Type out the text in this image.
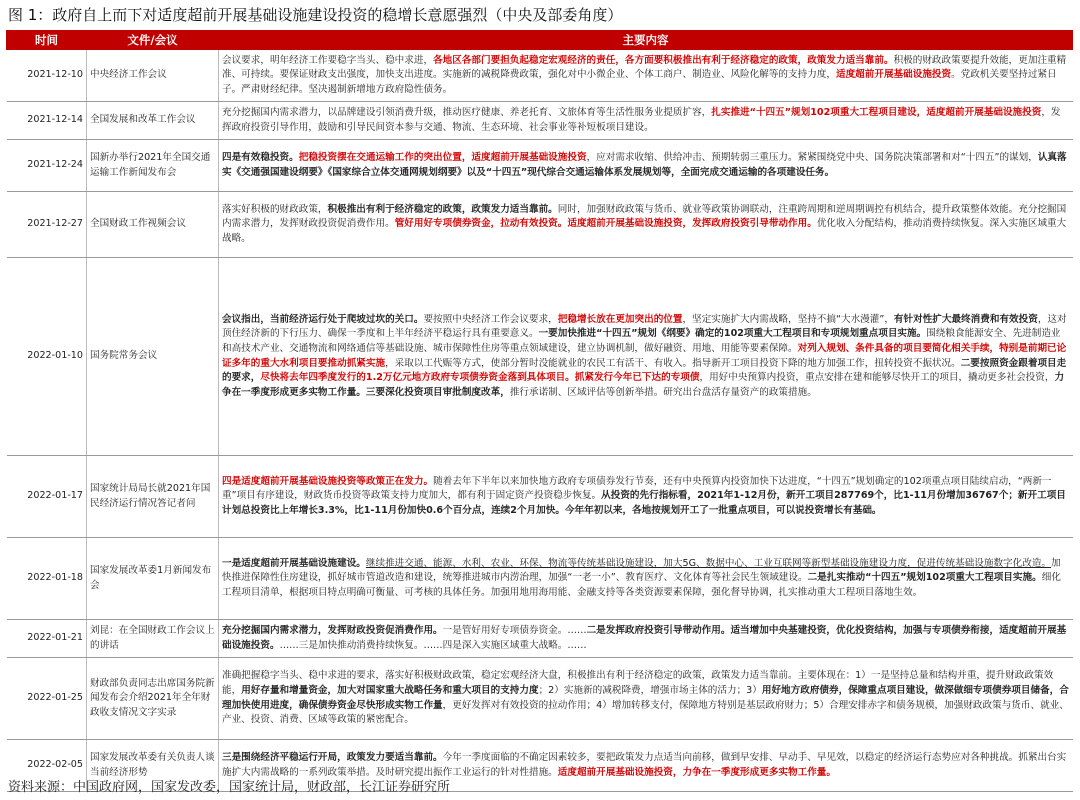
图 1：政府自上而下对适度超前开展基础设施建设投资的稳增长意愿强烈（中央及部委角度）
时间	文件/会议	主要内容
2021-12-10	中央经济工作会议	会议要求，明年经济工作要稳字当头、稳中求进，各地区各部门要担负起稳定宏观经济的责任，各方面要积极推出有利于经济稳定的政策，政策发力适当靠前。积极的财政政策要提升效能，更加注重精准、可持续。要保证财政支出强度，加快支出进度。实施新的减税降费政策，强化对中小微企业、个体工商户、制造业、风险化解等的支持力度，适度超前开展基础设施投资。党政机关要坚持过紧日子。严肃财经纪律。坚决遏制新增地方政府隐性债务。
2021-12-14	全国发展和改革工作会议	充分挖掘国内需求潜力，以品牌建设引领消费升级，推动医疗健康、养老托育、文旅体育等生活性服务业提质扩容，扎实推进“十四五”规划102项重大工程项目建设，适度超前开展基础设施投资，发挥政府投资引导作用，鼓励和引导民间资本参与交通、物流、生态环境、社会事业等补短板项目建设。
2021-12-24	国新办举行2021年全国交通运输工作新闻发布会	四是有效稳投资。把稳投资摆在交通运输工作的突出位置，适度超前开展基础设施投资，应对需求收缩、供给冲击、预期转弱三重压力。紧紧围绕党中央、国务院决策部署和对“十四五”的谋划，认真落实《交通强国建设纲要》《国家综合立体交通网规划纲要》以及“十四五”现代综合交通运输体系发展规划等，全面完成交通运输的各项建设任务。
2021-12-27	全国财政工作视频会议	落实好积极的财政政策，积极推出有利于经济稳定的政策，政策发力适当靠前。同时，加强财政政策与货币、就业等政策协调联动，注重跨周期和逆周期调控有机结合，提升政策整体效能。充分挖掘国内需求潜力，发挥财政投资促消费作用。管好用好专项债券资金，拉动有效投资。适度超前开展基础设施投资，发挥政府投资引导带动作用。优化收入分配结构，推动消费持续恢复。深入实施区域重大战略。
2022-01-10	国务院常务会议	会议指出，当前经济运行处于爬坡过坎的关口。要按照中央经济工作会议要求，把稳增长放在更加突出的位置，坚定实施扩大内需战略，坚持不搞“大水漫灌”，有针对性扩大最终消费和有效投资，这对顶住经济新的下行压力、确保一季度和上半年经济平稳运行具有重要意义。一要加快推进“十四五”规划《纲要》确定的102项重大工程项目和专项规划重点项目实施。围绕粮食能源安全、先进制造业和高技术产业、交通物流和网络通信等基础设施、城市保障性住房等重点领域建设，建立协调机制，做好融资、用地、用能等要素保障。对列入规划、条件具备的项目要简化相关手续，特别是前期已论证多年的重大水利项目要推动抓紧实施，采取以工代赈等方式，使部分暂时没能就业的农民工有活干、有收入。指导新开工项目投资下降的地方加强工作，扭转投资不振状况。二要按照资金跟着项目走的要求，尽快将去年四季度发行的1.2万亿元地方政府专项债券资金落到具体项目。抓紧发行今年已下达的专项债，用好中央预算内投资，重点安排在建和能够尽快开工的项目，撬动更多社会投资，力争在一季度形成更多实物工作量。三要深化投资项目审批制度改革，推行承诺制、区域评估等创新举措。研究出台盘活存量资产的政策措施。
2022-01-17	国家统计局局长就2021年国民经济运行情况答记者问	四是适度超前开展基础设施投资等政策正在发力。随着去年下半年以来加快地方政府专项债券发行节奏，还有中央预算内投资加快下达进度，“十四五”规划确定的102项重点项目陆续启动，“两新一重”项目有序建设，财政货币投资等政策支持力度加大，都有利于固定资产投资稳步恢复。从投资的先行指标看，2021年1-12月份，新开工项目287769个，比1-11月份增加36767个；新开工项目计划总投资比上年增长3.3%，比1-11月份加快0.6个百分点，连续2个月加快。今年年初以来，各地按规划开工了一批重点项目，可以说投资增长有基础。
2022-01-18	国家发展改革委1月新闻发布会	一是适度超前开展基础设施建设。继续推进交通、能源、水利、农业、环保、物流等传统基础设施建设，加大5G、数据中心、工业互联网等新型基础设施建设力度，促进传统基础设施数字化改造。加快推进保障性住房建设，抓好城市管道改造和建设，统筹推进城市内涝治理，加强“一老一小”、教育医疗、文化体育等社会民生领域建设。二是扎实推动“十四五”规划102项重大工程项目实施。细化工程项目清单，根据项目特点明确可衡量、可考核的具体任务。加强用地用海用能、金融支持等各类资源要素保障，强化督导协调，扎实推动重大工程项目落地生效。
2022-01-21	刘昆：在全国财政工作会议上的讲话	充分挖掘国内需求潜力，发挥财政投资促消费作用。一是管好用好专项债券资金。……二是发挥政府投资引导带动作用。适当增加中央基建投资，优化投资结构，加强与专项债券衔接，适度超前开展基础设施投资。……三是加快推动消费持续恢复。……四是深入实施区域重大战略。……
2022-01-25	财政部负责同志出席国务院新闻发布会介绍2021年全年财政收支情况文字实录	准确把握稳字当头、稳中求进的要求，落实好积极财政政策，稳定宏观经济大盘，积极推出有利于经济稳定的政策，政策发力适当靠前。主要体现在：1）一是坚持总量和结构并重，提升财政政策效能，用好存量和增量资金，加大对国家重大战略任务和重大项目的支持力度；2）实施新的减税降费，增强市场主体的活力；3）用好地方政府债券，保障重点项目建设，做深做细专项债券项目储备，合理加快使用进度，确保债券资金尽快形成实物工作量，更好发挥对有效投资的拉动作用；4）增加转移支付，保障地方特别是基层政府财力；5）合理安排赤字和债务规模，加强财政政策与货币、就业、产业、投资、消费、区域等政策的紧密配合。
2022-02-05	国家发展改革委有关负责人谈当前经济形势	三是围绕经济平稳运行开局，政策发力要适当靠前。今年一季度面临的不确定因素较多，要把政策发力点适当向前移，做到早安排、早动手、早见效，以稳定的经济运行态势应对各种挑战。抓紧出台实施扩大内需战略的一系列政策举措。及时研究提出振作工业运行的针对性措施。适度超前开展基础设施投资，力争在一季度形成更多实物工作量。
资料来源：中国政府网，国家发改委，国家统计局，财政部，长江证券研究所
